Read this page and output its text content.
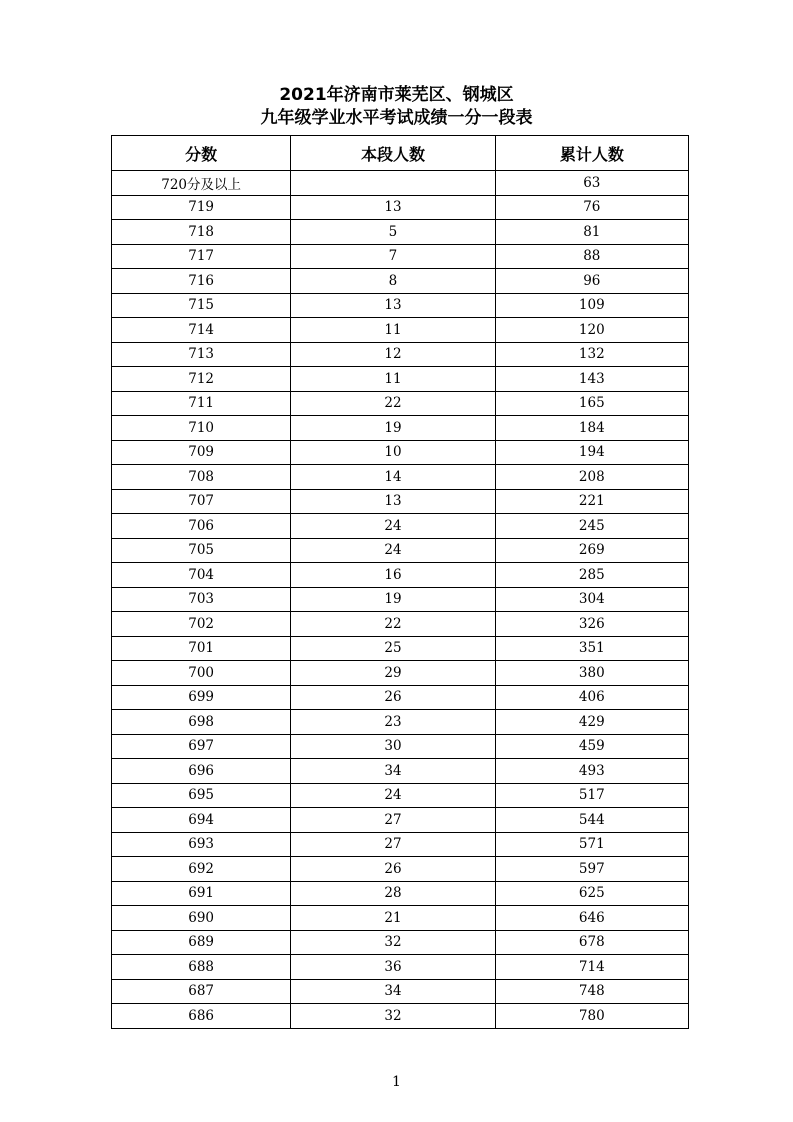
2021年济南市莱芜区、钢城区
九年级学业水平考试成绩一分一段表
分数	本段人数	累计人数
720分及以上		63
719	13	76
718	5	81
717	7	88
716	8	96
715	13	109
714	11	120
713	12	132
712	11	143
711	22	165
710	19	184
709	10	194
708	14	208
707	13	221
706	24	245
705	24	269
704	16	285
703	19	304
702	22	326
701	25	351
700	29	380
699	26	406
698	23	429
697	30	459
696	34	493
695	24	517
694	27	544
693	27	571
692	26	597
691	28	625
690	21	646
689	32	678
688	36	714
687	34	748
686	32	780
1
